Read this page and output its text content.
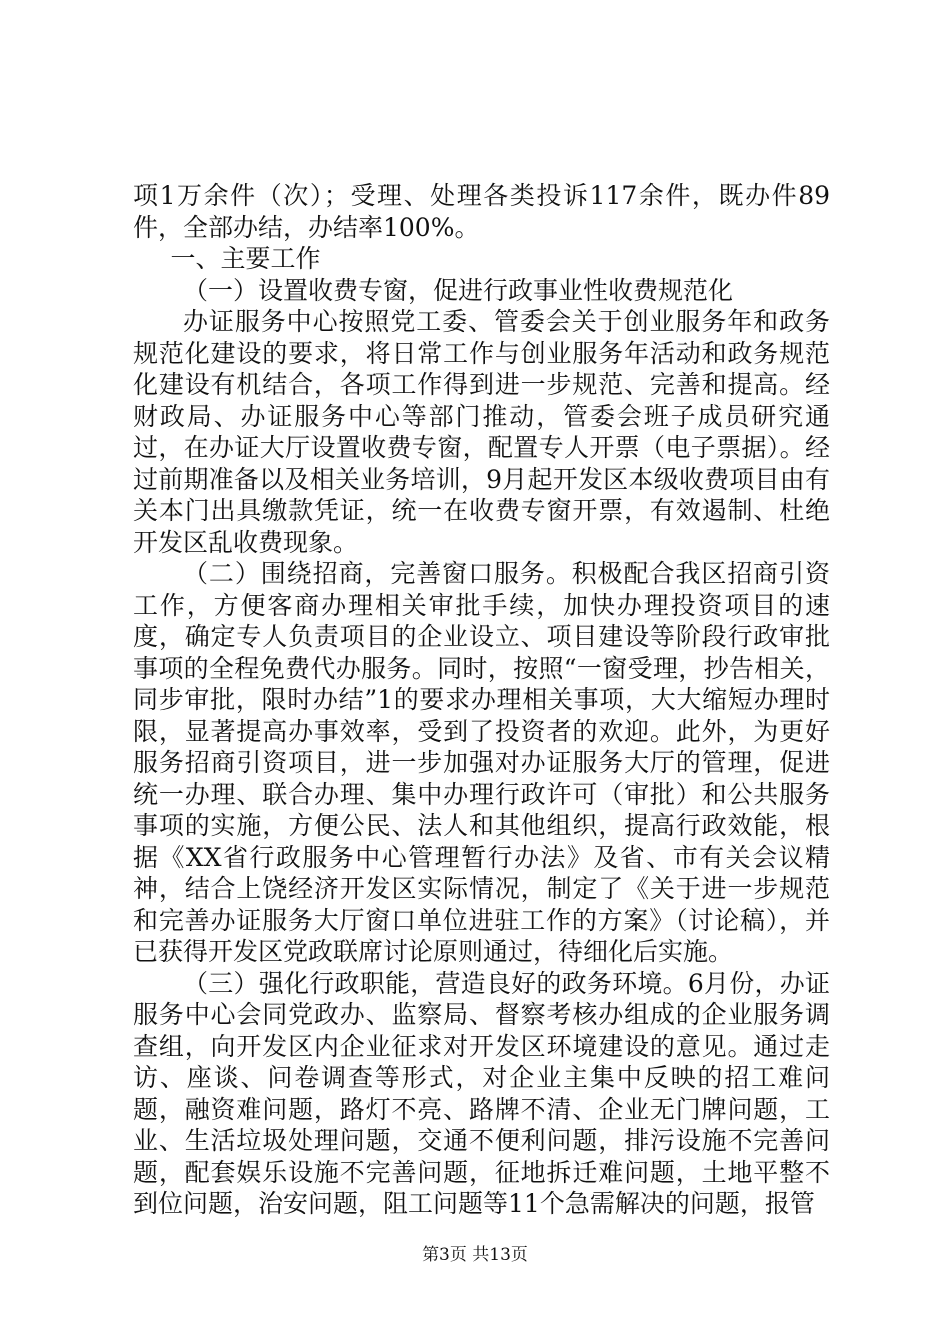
项1万余件（次）；受理、处理各类投诉117余件，既办件89件，全部办结，办结率100%。

一、主要工作

（一）设置收费专窗，促进行政事业性收费规范化

办证服务中心按照党工委、管委会关于创业服务年和政务规范化建设的要求，将日常工作与创业服务年活动和政务规范化建设有机结合，各项工作得到进一步规范、完善和提高。经财政局、办证服务中心等部门推动，管委会班子成员研究通过，在办证大厅设置收费专窗，配置专人开票（电子票据）。经过前期准备以及相关业务培训，9月起开发区本级收费项目由有关本门出具缴款凭证，统一在收费专窗开票，有效遏制、杜绝开发区乱收费现象。

（二）围绕招商，完善窗口服务。积极配合我区招商引资工作，方便客商办理相关审批手续，加快办理投资项目的速度，确定专人负责项目的企业设立、项目建设等阶段行政审批事项的全程免费代办服务。同时，按照“一窗受理，抄告相关，同步审批，限时办结”1的要求办理相关事项，大大缩短办理时限，显著提高办事效率，受到了投资者的欢迎。此外，为更好服务招商引资项目，进一步加强对办证服务大厅的管理，促进统一办理、联合办理、集中办理行政许可（审批）和公共服务事项的实施，方便公民、法人和其他组织，提高行政效能，根据《XX省行政服务中心管理暂行办法》及省、市有关会议精神，结合上饶经济开发区实际情况，制定了《关于进一步规范和完善办证服务大厅窗口单位进驻工作的方案》（讨论稿），并已获得开发区党政联席讨论原则通过，待细化后实施。

（三）强化行政职能，营造良好的政务环境。6月份，办证服务中心会同党政办、监察局、督察考核办组成的企业服务调查组，向开发区内企业征求对开发区环境建设的意见。通过走访、座谈、问卷调查等形式，对企业主集中反映的招工难问题，融资难问题，路灯不亮、路牌不清、企业无门牌问题，工业、生活垃圾处理问题，交通不便利问题，排污设施不完善问题，配套娱乐设施不完善问题，征地拆迁难问题，土地平整不到位问题，治安问题，阻工问题等11个急需解决的问题，报管

第3页 共13页
